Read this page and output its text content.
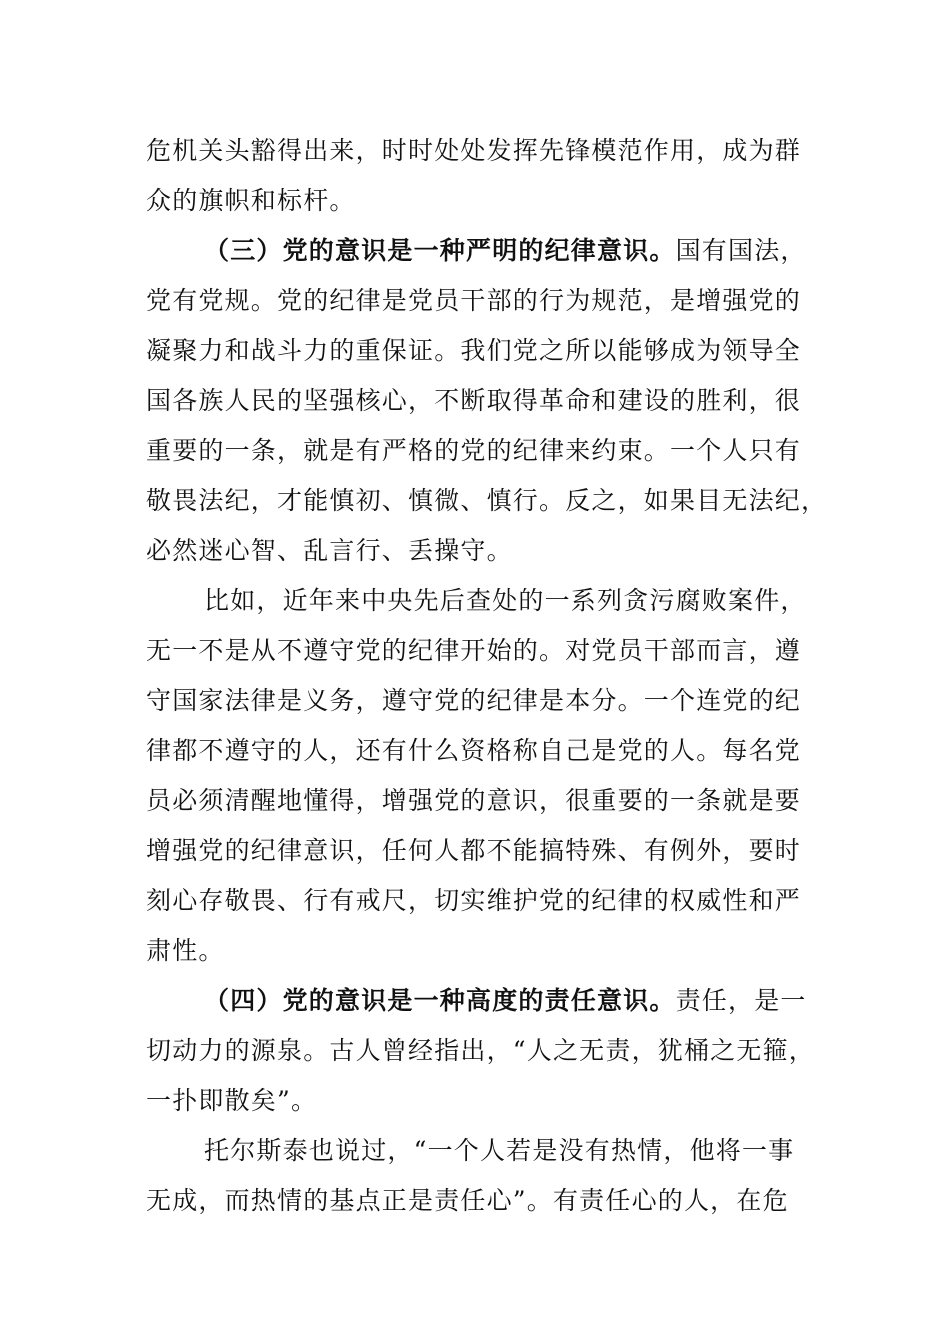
危机关头豁得出来，时时处处发挥先锋模范作用，成为群
众的旗帜和标杆。
（三）党的意识是一种严明的纪律意识。国有国法，
党有党规。党的纪律是党员干部的行为规范，是增强党的
凝聚力和战斗力的重保证。我们党之所以能够成为领导全
国各族人民的坚强核心，不断取得革命和建设的胜利，很
重要的一条，就是有严格的党的纪律来约束。一个人只有
敬畏法纪，才能慎初、慎微、慎行。反之，如果目无法纪，
必然迷心智、乱言行、丢操守。
比如，近年来中央先后查处的一系列贪污腐败案件，
无一不是从不遵守党的纪律开始的。对党员干部而言，遵
守国家法律是义务，遵守党的纪律是本分。一个连党的纪
律都不遵守的人，还有什么资格称自己是党的人。每名党
员必须清醒地懂得，增强党的意识，很重要的一条就是要
增强党的纪律意识，任何人都不能搞特殊、有例外，要时
刻心存敬畏、行有戒尺，切实维护党的纪律的权威性和严
肃性。
（四）党的意识是一种高度的责任意识。责任，是一
切动力的源泉。古人曾经指出，“人之无责，犹桶之无箍，
一扑即散矣”。
托尔斯泰也说过，“一个人若是没有热情，他将一事
无成，而热情的基点正是责任心”。有责任心的人，在危
